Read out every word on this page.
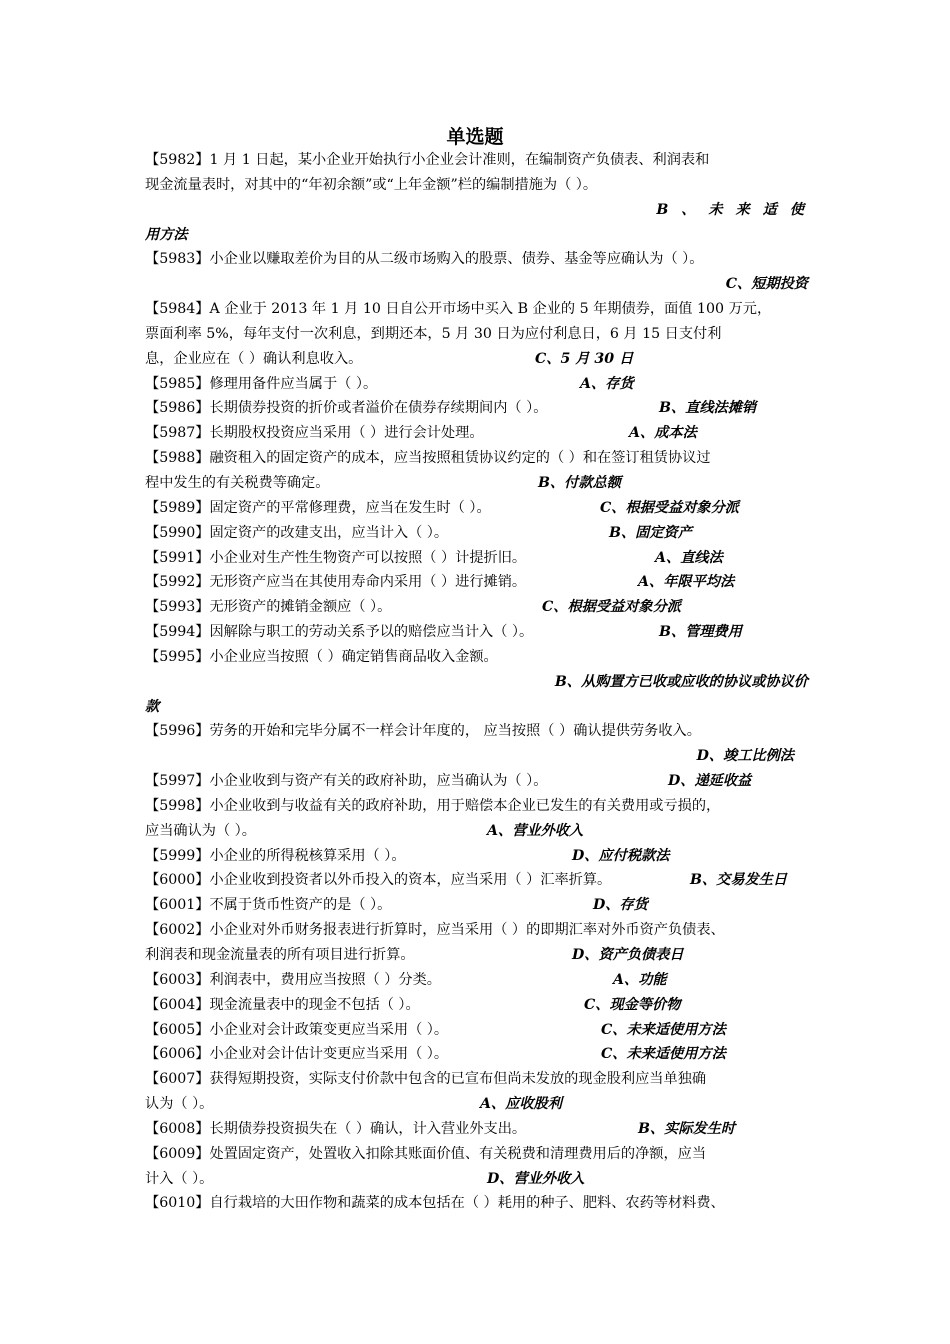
单选题
【5982】1 月 1 日起，某小企业开始执行小企业会计准则，在编制资产负债表、利润表和
现金流量表时，对其中的“年初余额”或“上年金额”栏的编制措施为（ ）。
B 、 未 来 适 使
用方法
【5983】小企业以赚取差价为目的从二级市场购入的股票、债券、基金等应确认为（ ）。
C、短期投资
【5984】A 企业于 2013 年 1 月 10 日自公开市场中买入 B 企业的 5 年期债券，面值 100 万元，
票面利率 5%，每年支付一次利息，到期还本，5 月 30 日为应付利息日，6 月 15 日支付利
息，企业应在（ ）确认利息收入。	C、5 月 30 日
【5985】修理用备件应当属于（ ）。	A、存货
【5986】长期债券投资的折价或者溢价在债券存续期间内（ ）。	B、直线法摊销
【5987】长期股权投资应当采用（ ）进行会计处理。	A、成本法
【5988】融资租入的固定资产的成本，应当按照租赁协议约定的（ ）和在签订租赁协议过
程中发生的有关税费等确定。	B、付款总额
【5989】固定资产的平常修理费，应当在发生时（ ）。	C、根据受益对象分派
【5990】固定资产的改建支出，应当计入（ ）。	B、固定资产
【5991】小企业对生产性生物资产可以按照（ ）计提折旧。	A、直线法
【5992】无形资产应当在其使用寿命内采用（ ）进行摊销。	A、年限平均法
【5993】无形资产的摊销金额应（ ）。	C、根据受益对象分派
【5994】因解除与职工的劳动关系予以的赔偿应当计入（ ）。	B、管理费用
【5995】小企业应当按照（ ）确定销售商品收入金额。
B、从购置方已收或应收的协议或协议价
款
【5996】劳务的开始和完毕分属不一样会计年度的， 应当按照（ ）确认提供劳务收入。
D、竣工比例法
【5997】小企业收到与资产有关的政府补助，应当确认为（ ）。	D、递延收益
【5998】小企业收到与收益有关的政府补助，用于赔偿本企业已发生的有关费用或亏损的，
应当确认为（ ）。	A、营业外收入
【5999】小企业的所得税核算采用（ ）。	D、应付税款法
【6000】小企业收到投资者以外币投入的资本，应当采用（ ）汇率折算。	B、交易发生日
【6001】不属于货币性资产的是（ ）。	D、存货
【6002】小企业对外币财务报表进行折算时，应当采用（ ）的即期汇率对外币资产负债表、
利润表和现金流量表的所有项目进行折算。	D、资产负债表日
【6003】利润表中，费用应当按照（ ）分类。	A、功能
【6004】现金流量表中的现金不包括（ ）。	C、现金等价物
【6005】小企业对会计政策变更应当采用（ ）。	C、未来适使用方法
【6006】小企业对会计估计变更应当采用（ ）。	C、未来适使用方法
【6007】获得短期投资，实际支付价款中包含的已宣布但尚未发放的现金股利应当单独确
认为（ ）。	A、应收股利
【6008】长期债券投资损失在（ ）确认，计入营业外支出。	B、实际发生时
【6009】处置固定资产，处置收入扣除其账面价值、有关税费和清理费用后的净额，应当
计入（ ）。	D、营业外收入
【6010】自行栽培的大田作物和蔬菜的成本包括在（ ）耗用的种子、肥料、农药等材料费、
